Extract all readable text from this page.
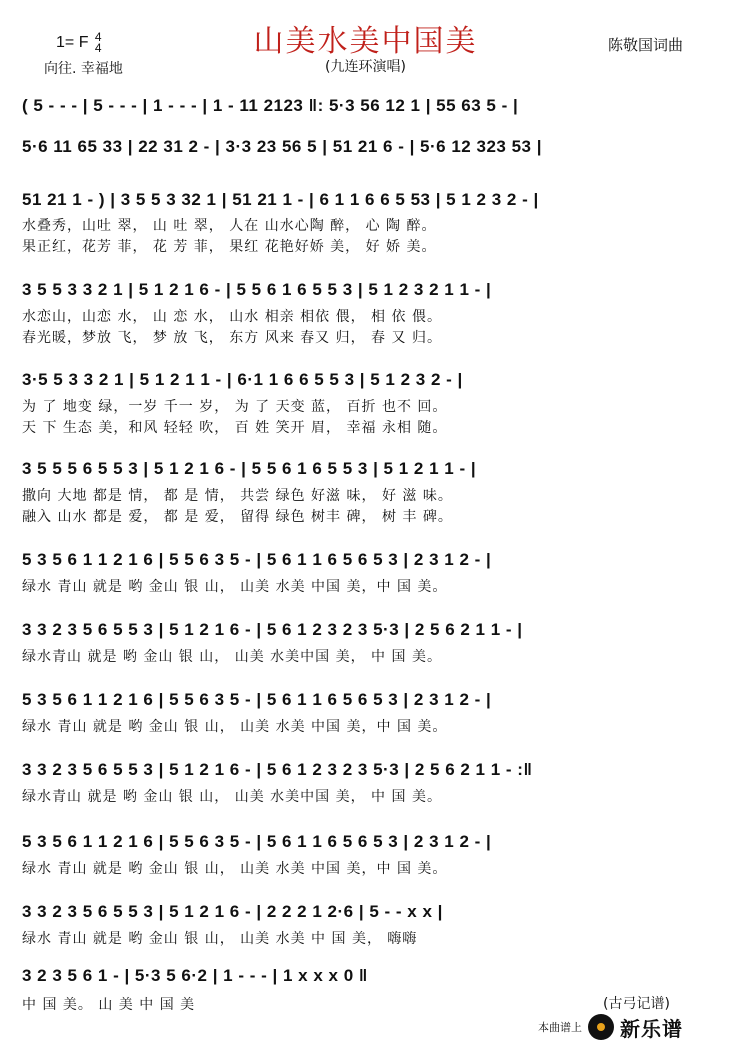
山美水美中国美
(九连环演唱)
1= F 4
4
向往. 幸福地
陈敬国词曲
( 5 - - - | 5 - - - | 1 - - - | 1 - 11 2123 ‖: 5·3 56 12 1 | 55 63 5 - |
5·6 11 65 33 | 22 31 2 - | 3·3 23 56 5 | 51 21 6 - | 5·6 12 323 53 |
51 21 1 - ) | 3 5 5 3 32 1 | 51 21 1 - | 6 1 1 6 6 5 53 | 5 1 2 3 2 - |
水叠秀，山吐 翠， 山 吐 翠， 人在 山水心陶 醉， 心 陶 醉。
果正红，花芳 菲， 花 芳 菲， 果红 花艳好娇 美， 好 娇 美。
3 5 5 3 3 2 1 | 5 1 2 1 6 - | 5 5 6 1 6 5 5 3 | 5 1 2 3 2 1 1 - |
水恋山，山恋 水， 山 恋 水， 山水 相亲 相依 偎， 相 依 偎。
春光暖，梦放 飞， 梦 放 飞， 东方 风来 春又 归， 春 又 归。
3·5 5 3 3 2 1 | 5 1 2 1 1 - | 6·1 1 6 6 5 5 3 | 5 1 2 3 2 - |
为 了 地变 绿，一岁 千一 岁， 为 了 天变 蓝， 百折 也不 回。
天 下 生态 美，和风 轻轻 吹， 百 姓 笑开 眉， 幸福 永相 随。
3 5 5 5 6 5 5 3 | 5 1 2 1 6 - | 5 5 6 1 6 5 5 3 | 5 1 2 1 1 - |
撒向 大地 都是 情， 都 是 情， 共尝 绿色 好滋 味， 好 滋 味。
融入 山水 都是 爱， 都 是 爱， 留得 绿色 树丰 碑， 树 丰 碑。
5 3 5 6 1 1 2 1 6 | 5 5 6 3 5 - | 5 6 1 1 6 5 6 5 3 | 2 3 1 2 - |
绿水 青山 就是 哟 金山 银 山， 山美 水美 中国 美，中 国 美。
3 3 2 3 5 6 5 5 3 | 5 1 2 1 6 - | 5 6 1 2 3 2 3 5·3 | 2 5 6 2 1 1 - |
绿水青山 就是 哟 金山 银 山， 山美 水美中国 美， 中 国 美。
5 3 5 6 1 1 2 1 6 | 5 5 6 3 5 - | 5 6 1 1 6 5 6 5 3 | 2 3 1 2 - |
绿水 青山 就是 哟 金山 银 山， 山美 水美 中国 美，中 国 美。
3 3 2 3 5 6 5 5 3 | 5 1 2 1 6 - | 5 6 1 2 3 2 3 5·3 | 2 5 6 2 1 1 - :‖
绿水青山 就是 哟 金山 银 山， 山美 水美中国 美， 中 国 美。
5 3 5 6 1 1 2 1 6 | 5 5 6 3 5 - | 5 6 1 1 6 5 6 5 3 | 2 3 1 2 - |
绿水 青山 就是 哟 金山 银 山， 山美 水美 中国 美，中 国 美。
3 3 2 3 5 6 5 5 3 | 5 1 2 1 6 - | 2 2 2 1 2·6 | 5 - - x x |
绿水 青山 就是 哟 金山 银 山， 山美 水美 中 国 美， 嗨嗨
3 2 3 5 6 1 - | 5·3 5 6·2 | 1 - - - | 1 x x x 0 ‖
中 国 美。 山 美 中 国 美	(古弓记谱)
本曲谱上 新乐谱
